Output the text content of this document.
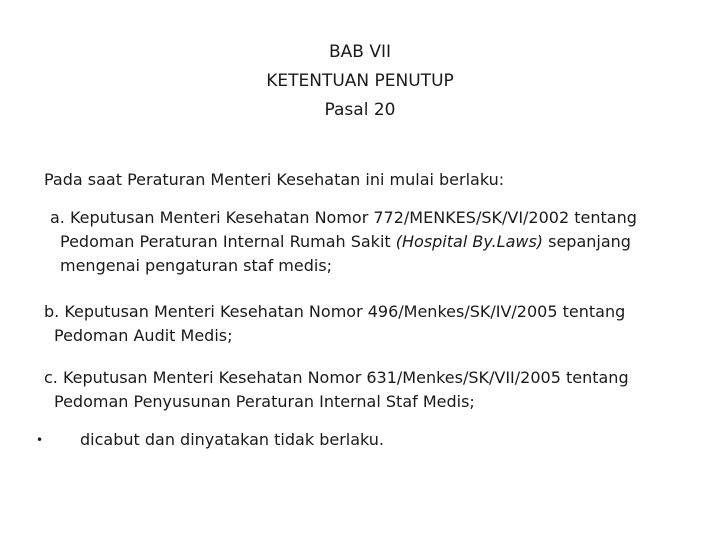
BAB VII
KETENTUAN PENUTUP
Pasal 20
Pada saat Peraturan Menteri Kesehatan ini mulai berlaku:
a. Keputusan Menteri Kesehatan Nomor 772/MENKES/SK/VI/2002 tentang
Pedoman Peraturan Internal Rumah Sakit (Hospital By.Laws) sepanjang
mengenai pengaturan staf medis;
b. Keputusan Menteri Kesehatan Nomor 496/Menkes/SK/IV/2005 tentang
Pedoman Audit Medis;
c. Keputusan Menteri Kesehatan Nomor 631/Menkes/SK/VII/2005 tentang
Pedoman Penyusunan Peraturan Internal Staf Medis;
• dicabut dan dinyatakan tidak berlaku.
